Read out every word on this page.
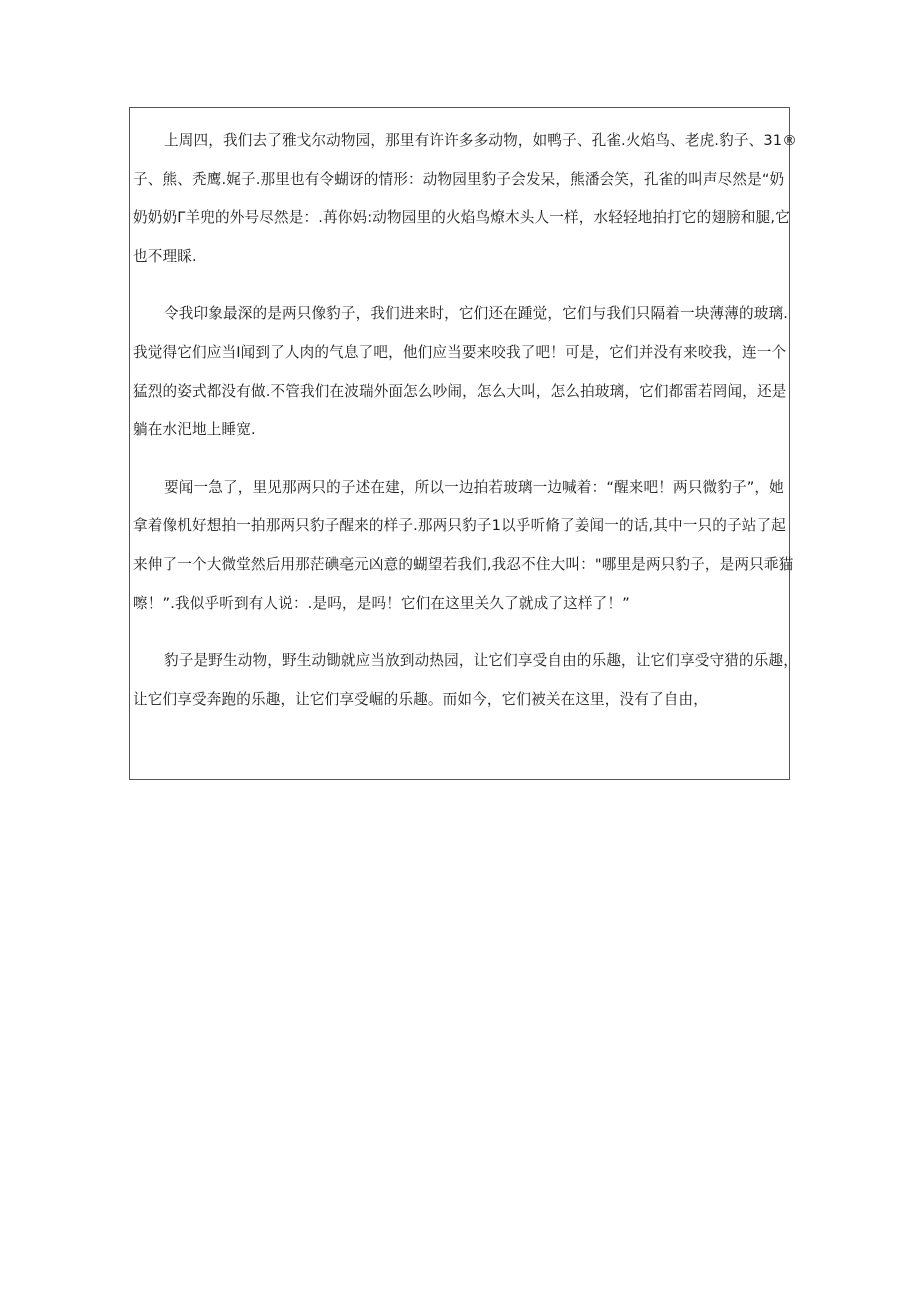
上周四，我们去了雅戈尔动物园，那里有许许多多动物，如鸭子、孔雀.火焰鸟、老虎.豹子、31®
子、熊、秃鹰.娓子.那里也有令蝴讶的情形：动物园里豹子会发呆，熊潘会笑，孔雀的叫声尽然是“奶
奶奶奶Γ羊兜的外号尽然是：.苒你妈:动物园里的火焰鸟燎木头人一样，水轻轻地拍打它的翅膀和腿,它
也不理睬.

令我印象最深的是两只像豹子，我们进来时，它们还在踵觉，它们与我们只隔着一块薄薄的玻璃.
我觉得它们应当Ⅰ闻到了人肉的气息了吧，他们应当要来咬我了吧！可是，它们并没有来咬我，连一个
猛烈的姿式都没有做.不管我们在波瑞外面怎么吵闹，怎么大叫，怎么拍玻璃，它们都雷若罔闻，还是
躺在水汜地上睡宽.

要闻一急了，里见那两只的子述在建，所以一边拍若玻璃一边喊着：“醒来吧！两只微豹子”，她
拿着像机好想拍一拍那两只豹子醒来的样子.那两只豹子1以乎听脩了姜闻一的话,其中一只的子站了起
来伸了一个大微堂然后用那茫碘亳元凶意的蝴望若我们,我忍不住大叫："哪里是两只豹子，是两只乖猫
嚓！”.我似乎听到有人说：.是吗，是吗！它们在这里关久了就成了这样了！”

豹子是野生动物，野生动锄就应当放到动热园，让它们享受自由的乐趣，让它们享受守猎的乐趣，
让它们享受奔跑的乐趣，让它们享受崛的乐趣。而如今，它们被关在这里，没有了自由，
